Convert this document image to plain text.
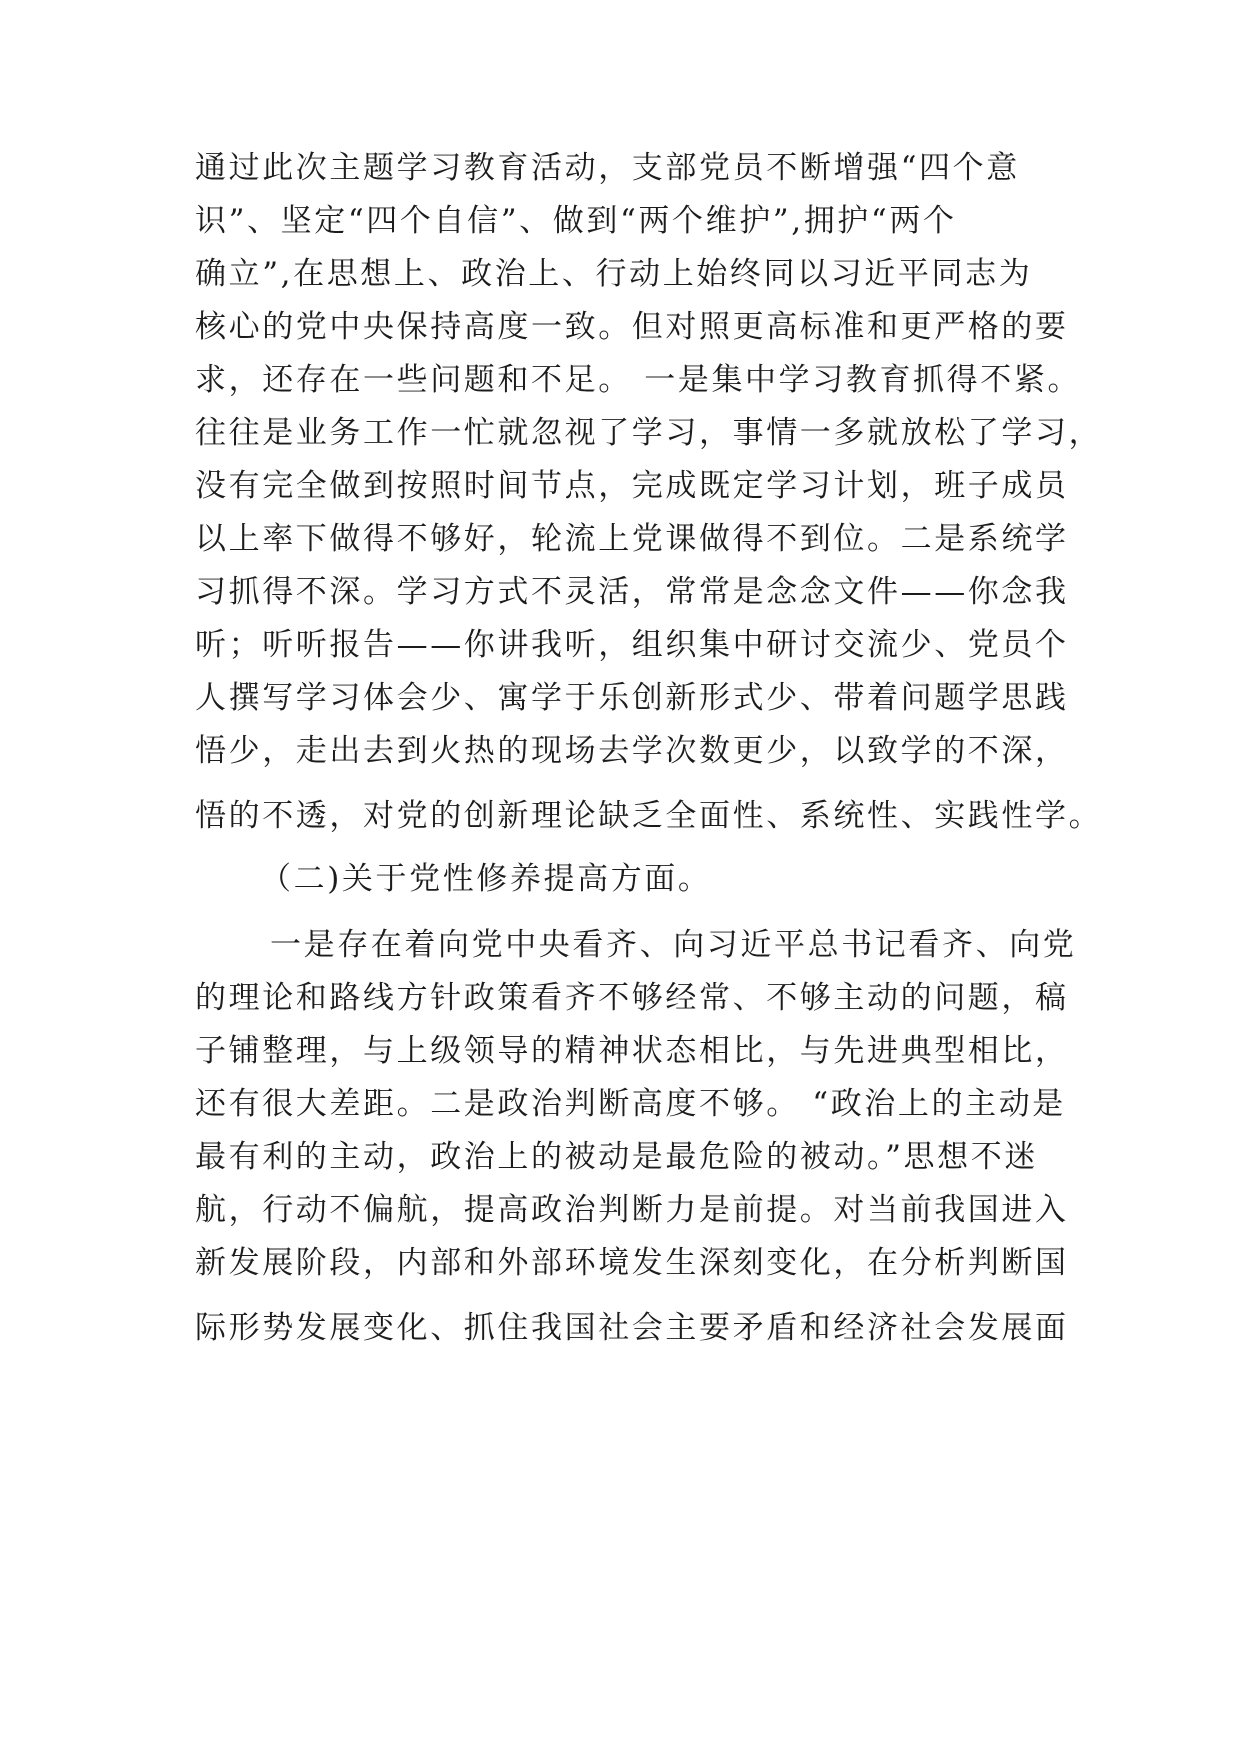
通过此次主题学习教育活动，支部党员不断增强“四个意
识”、坚定“四个自信”、做到“两个维护”,拥护“两个
确立”,在思想上、政治上、行动上始终同以习近平同志为
核心的党中央保持高度一致。但对照更高标准和更严格的要
求，还存在一些问题和不足。 一是集中学习教育抓得不紧。
往往是业务工作一忙就忽视了学习，事情一多就放松了学习，
没有完全做到按照时间节点，完成既定学习计划，班子成员
以上率下做得不够好，轮流上党课做得不到位。二是系统学
习抓得不深。学习方式不灵活，常常是念念文件——你念我
听；听听报告——你讲我听，组织集中研讨交流少、党员个
人撰写学习体会少、寓学于乐创新形式少、带着问题学思践
悟少，走出去到火热的现场去学次数更少，以致学的不深，
悟的不透，对党的创新理论缺乏全面性、系统性、实践性学。
（二)关于党性修养提高方面。
一是存在着向党中央看齐、向习近平总书记看齐、向党
的理论和路线方针政策看齐不够经常、不够主动的问题，稿
子铺整理，与上级领导的精神状态相比，与先进典型相比，
还有很大差距。二是政治判断高度不够。 “政治上的主动是
最有利的主动，政治上的被动是最危险的被动。”思想不迷
航，行动不偏航，提高政治判断力是前提。对当前我国进入
新发展阶段，内部和外部环境发生深刻变化，在分析判断国
际形势发展变化、抓住我国社会主要矛盾和经济社会发展面
